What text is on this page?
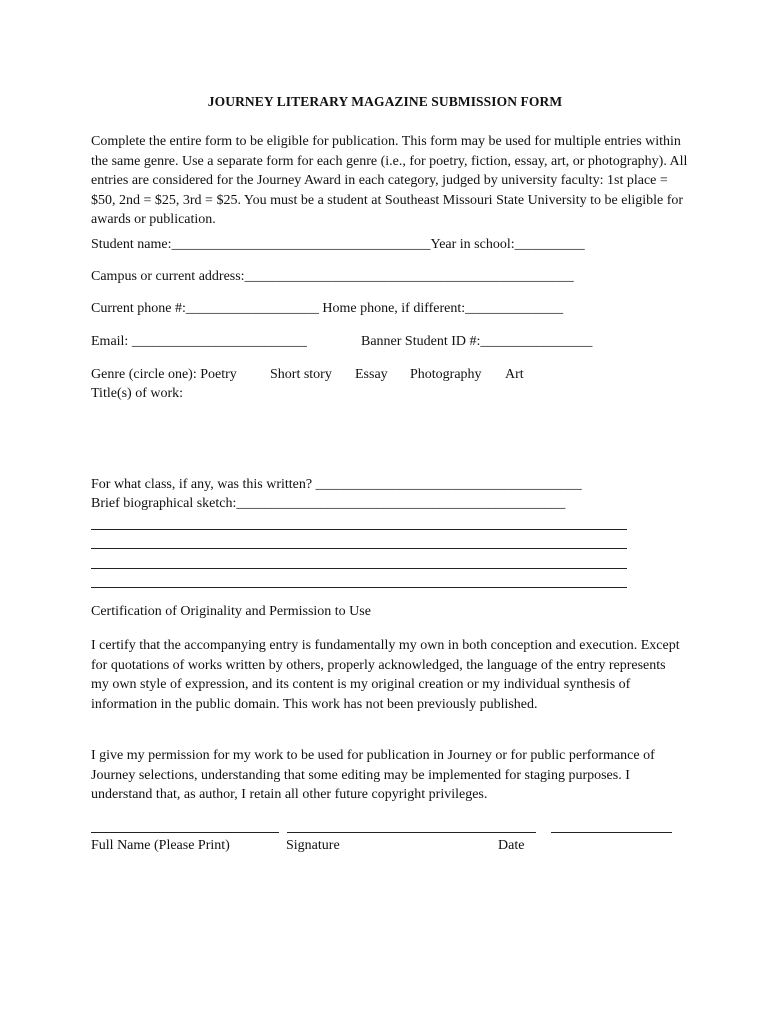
JOURNEY LITERARY MAGAZINE SUBMISSION FORM
Complete the entire form to be eligible for publication. This form may be used for multiple entries within the same genre. Use a separate form for each genre (i.e., for poetry, fiction, essay, art, or photography). All entries are considered for the Journey Award in each category, judged by university faculty: 1st place = $50, 2nd = $25, 3rd = $25. You must be a student at Southeast Missouri State University to be eligible for awards or publication.
Student name:_____________________________________Year in school:__________
Campus or current address:_______________________________________________
Current phone #:___________________ Home phone, if different:______________
Email: _________________________	Banner Student ID #:________________
Genre (circle one): Poetry Short story Essay Photography Art
Title(s) of work:
For what class, if any, was this written? ______________________________________
Brief biographical sketch:_______________________________________________
Certification of Originality and Permission to Use
I certify that the accompanying entry is fundamentally my own in both conception and execution. Except for quotations of works written by others, properly acknowledged, the language of the entry represents my own style of expression, and its content is my original creation or my individual synthesis of information in the public domain. This work has not been previously published.
I give my permission for my work to be used for publication in Journey or for public performance of Journey selections, understanding that some editing may be implemented for staging purposes. I understand that, as author, I retain all other future copyright privileges.
Full Name (Please Print)	Signature	Date
